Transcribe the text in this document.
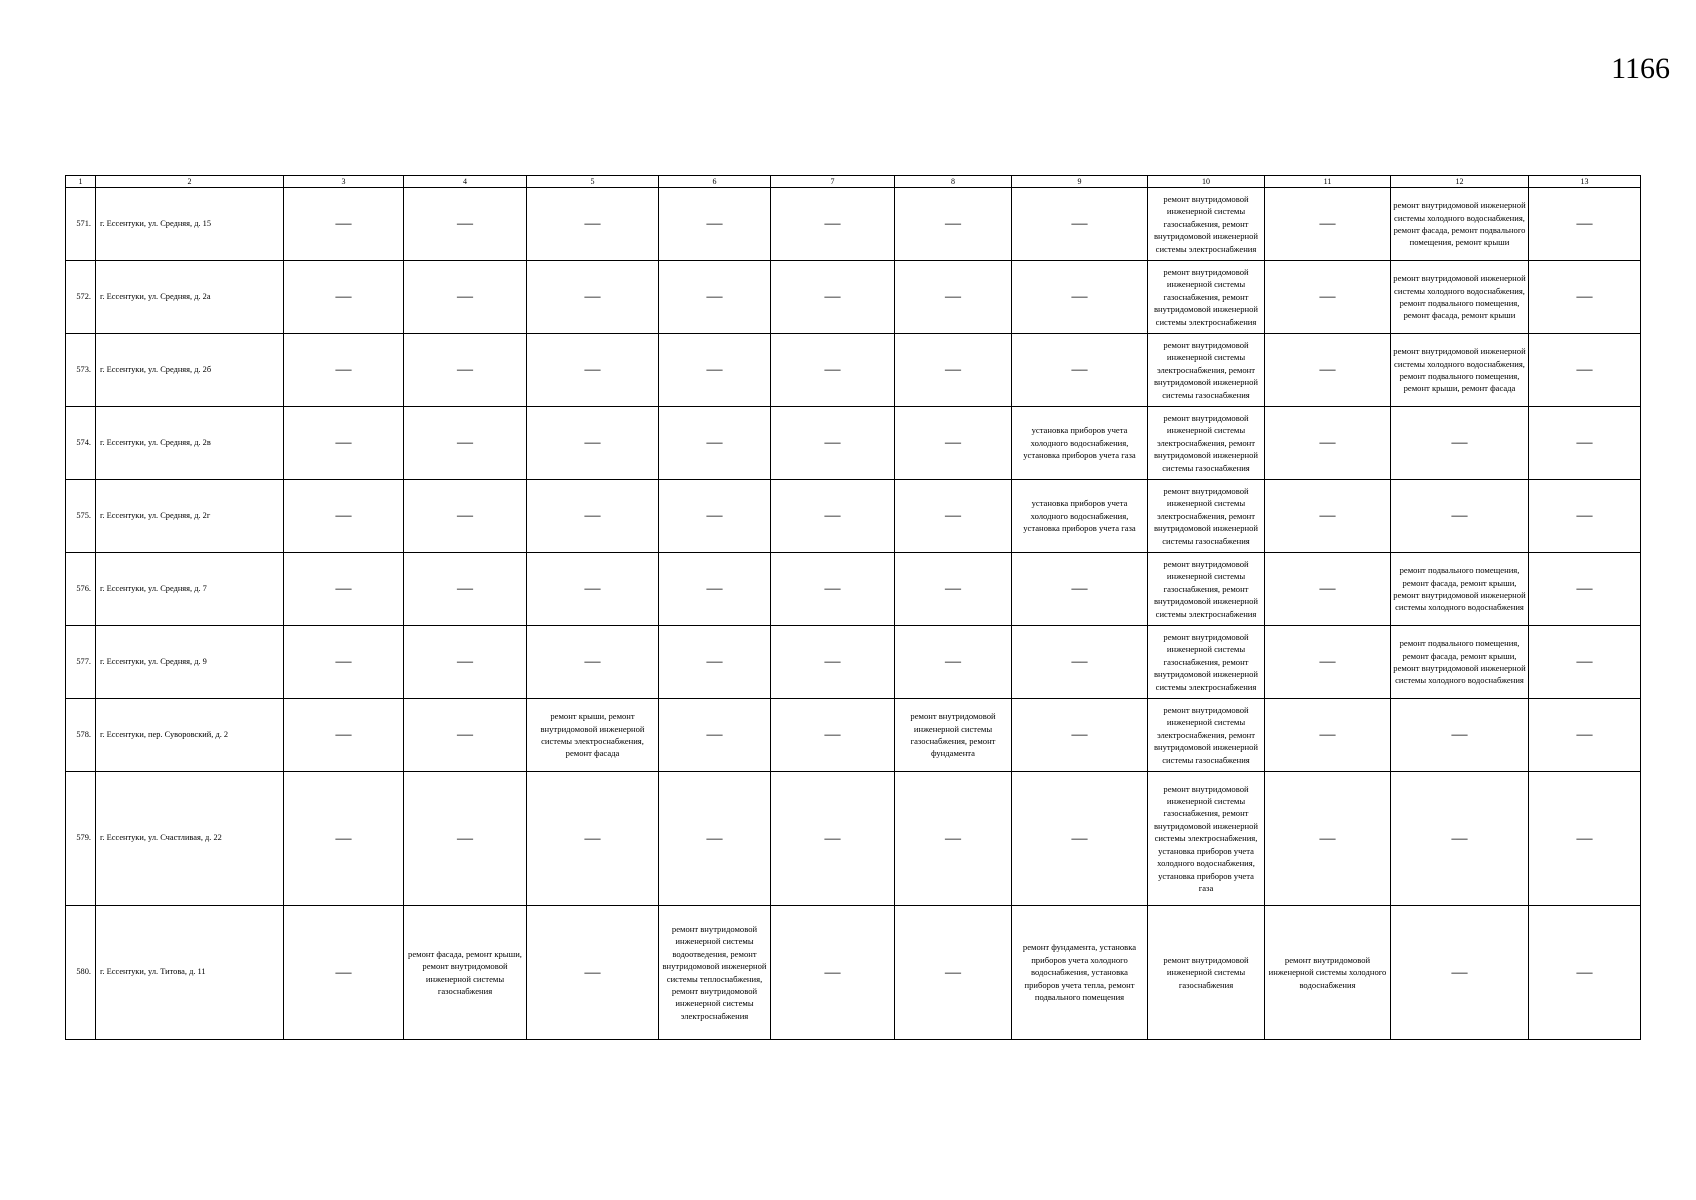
1166
1	2	3	4	5	6	7	8	9	10	11	12	13
571.	г. Ессентуки, ул. Средняя, д. 15	—	—	—	—	—	—	—	ремонт внутридомовой инженерной системы газоснабжения, ремонт внутридомовой инженерной системы электроснабжения	—	ремонт внутридомовой инженерной системы холодного водоснабжения, ремонт фасада, ремонт подвального помещения, ремонт крыши	—
572.	г. Ессентуки, ул. Средняя, д. 2а	—	—	—	—	—	—	—	ремонт внутридомовой инженерной системы газоснабжения, ремонт внутридомовой инженерной системы электроснабжения	—	ремонт внутридомовой инженерной системы холодного водоснабжения, ремонт подвального помещения, ремонт фасада, ремонт крыши	—
573.	г. Ессентуки, ул. Средняя, д. 2б	—	—	—	—	—	—	—	ремонт внутридомовой инженерной системы электроснабжения, ремонт внутридомовой инженерной системы газоснабжения	—	ремонт внутридомовой инженерной системы холодного водоснабжения, ремонт подвального помещения, ремонт крыши, ремонт фасада	—
574.	г. Ессентуки, ул. Средняя, д. 2в	—	—	—	—	—	—	установка приборов учета холодного водоснабжения, установка приборов учета газа	ремонт внутридомовой инженерной системы электроснабжения, ремонт внутридомовой инженерной системы газоснабжения	—	—	—
575.	г. Ессентуки, ул. Средняя, д. 2г	—	—	—	—	—	—	установка приборов учета холодного водоснабжения, установка приборов учета газа	ремонт внутридомовой инженерной системы электроснабжения, ремонт внутридомовой инженерной системы газоснабжения	—	—	—
576.	г. Ессентуки, ул. Средняя, д. 7	—	—	—	—	—	—	—	ремонт внутридомовой инженерной системы газоснабжения, ремонт внутридомовой инженерной системы электроснабжения	—	ремонт подвального помещения, ремонт фасада, ремонт крыши, ремонт внутридомовой инженерной системы холодного водоснабжения	—
577.	г. Ессентуки, ул. Средняя, д. 9	—	—	—	—	—	—	—	ремонт внутридомовой инженерной системы газоснабжения, ремонт внутридомовой инженерной системы электроснабжения	—	ремонт подвального помещения, ремонт фасада, ремонт крыши, ремонт внутридомовой инженерной системы холодного водоснабжения	—
578.	г. Ессентуки, пер. Суворовский, д. 2	—	—	ремонт крыши, ремонт внутридомовой инженерной системы электроснабжения, ремонт фасада	—	—	ремонт внутридомовой инженерной системы газоснабжения, ремонт фундамента	—	ремонт внутридомовой инженерной системы электроснабжения, ремонт внутридомовой инженерной системы газоснабжения	—	—	—
579.	г. Ессентуки, ул. Счастливая, д. 22	—	—	—	—	—	—	—	ремонт внутридомовой инженерной системы газоснабжения, ремонт внутридомовой инженерной системы электроснабжения, установка приборов учета холодного водоснабжения, установка приборов учета газа	—	—	—
580.	г. Ессентуки, ул. Титова, д. 11	—	ремонт фасада, ремонт крыши, ремонт внутридомовой инженерной системы газоснабжения	—	ремонт внутридомовой инженерной системы водоотведения, ремонт внутридомовой инженерной системы теплоснабжения, ремонт внутридомовой инженерной системы электроснабжения	—	—	ремонт фундамента, установка приборов учета холодного водоснабжения, установка приборов учета тепла, ремонт подвального помещения	ремонт внутридомовой инженерной системы газоснабжения	ремонт внутридомовой инженерной системы холодного водоснабжения	—	—
